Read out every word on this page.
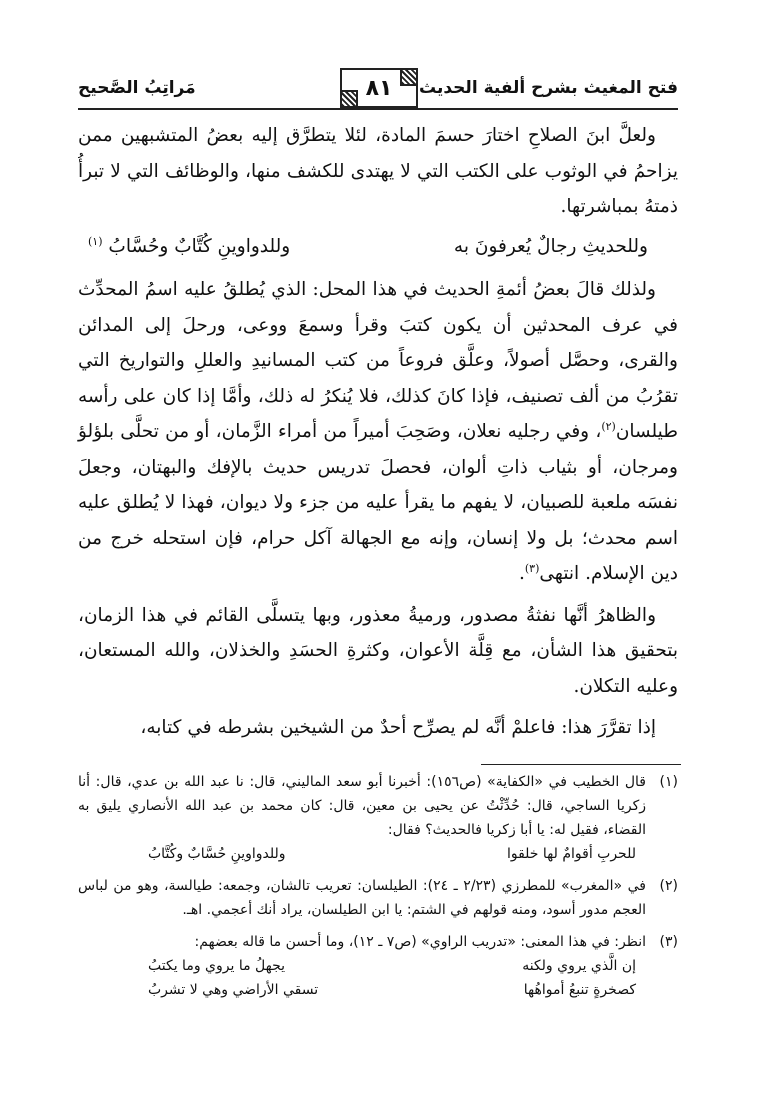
فتح المغيث بشرح ألفية الحديث
٨١
مَراتِبُ الصَّحيح

ولعلَّ ابنَ الصلاحِ اختارَ حسمَ المادة، لئلا يتطرَّق إليه بعضُ المتشبهين ممن يزاحمُ في الوثوب على الكتب التي لا يهتدى للكشف منها، والوظائف التي لا تبرأُ ذمتهُ بمباشرتها.

وللحديثِ رجالٌ يُعرفونَ به
وللدواوينِ كُتَّابٌ وحُسَّابُ $^{(١)}$

ولذلك قالَ بعضُ أئمةِ الحديث في هذا المحل: الذي يُطلقُ عليه اسمُ المحدِّث في عرف المحدثين أن يكون كتبَ وقرأ وسمعَ ووعى، ورحلَ إلى المدائن والقرى، وحصَّل أصولاً، وعلَّق فروعاً من كتب المسانيدِ والعللِ والتواريخ التي تقرُبُ من ألف تصنيف، فإذا كانَ كذلك، فلا يُنكرُ له ذلك، وأمَّا إذا كان على رأسه طيلسان$^{(٢)}$، وفي رجليه نعلان، وصَحِبَ أميراً من أمراء الزَّمان، أو من تحلَّى بلؤلؤ ومرجان، أو بثياب ذاتِ ألوان، فحصلَ تدريس حديث بالإفك والبهتان، وجعلَ نفسَه ملعبة للصبيان، لا يفهم ما يقرأ عليه من جزء ولا ديوان، فهذا لا يُطلق عليه اسم محدث؛ بل ولا إنسان، وإنه مع الجهالة آكل حرام، فإن استحله خرج من دين الإسلام. انتهى$^{(٣)}$.

والظاهرُ أنَّها نفثةُ مصدور، ورميةُ معذور، وبها يتسلَّى القائم في هذا الزمان، بتحقيق هذا الشأن، مع قِلَّة الأعوان، وكثرةِ الحسَدِ والخذلان، والله المستعان، وعليه التكلان.

إذا تقرَّرَ هذا: فاعلمْ أنَّه لم يصرِّح أحدٌ من الشيخين بشرطه في كتابه،

(١)
قال الخطيب في «الكفاية» (ص١٥٦): أخبرنا أبو سعد الماليني، قال: نا عبد الله بن عدي، قال: أنا زكريا الساجي، قال: حُدِّثْتُ عن يحيى بن معين، قال: كان محمد بن عبد الله الأنصاري يليق به القضاء، فقيل له: يا أبا زكريا فالحديث؟ فقال:
للحربِ أقوامٌ لها خلقوا
وللدواوينِ حُسَّابٌ وكُتَّابُ
(٢)
في «المغرب» للمطرزي (٢/٢٣ ـ ٢٤): الطيلسان: تعريب تالشان، وجمعه: طيالسة، وهو من لباس العجم مدور أسود، ومنه قولهم في الشتم: يا ابن الطيلسان، يراد أنك أعجمي. اهـ.
(٣)
انظر: في هذا المعنى: «تدريب الراوي» (ص٧ ـ ١٢)، وما أحسن ما قاله بعضهم:
إن الَّذي يروي ولكنه
يجهلُ ما يروي وما يكتبُ
كصخرةٍ تنبعُ أمواهُها
تسقي الأراضي وهي لا تشربُ
